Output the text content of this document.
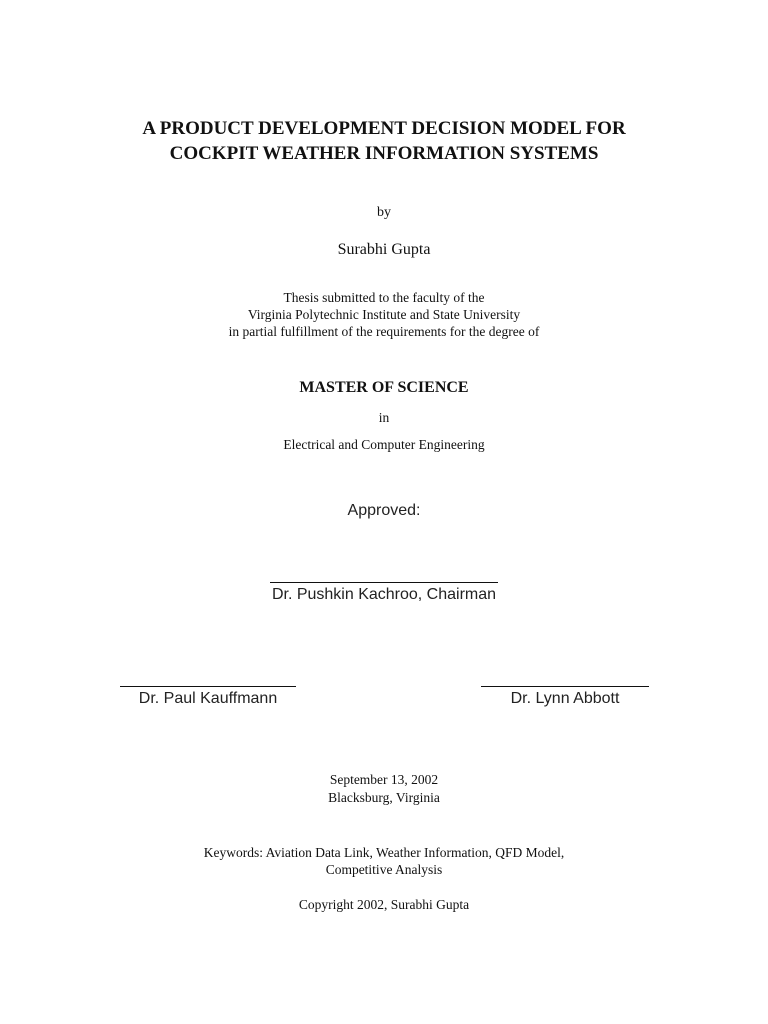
A PRODUCT DEVELOPMENT DECISION MODEL FOR
COCKPIT WEATHER INFORMATION SYSTEMS
by
Surabhi Gupta
Thesis submitted to the faculty of the
Virginia Polytechnic Institute and State University
in partial fulfillment of the requirements for the degree of
MASTER OF SCIENCE
in
Electrical and Computer Engineering
Approved:
Dr. Pushkin Kachroo, Chairman
Dr. Paul Kauffmann	Dr. Lynn Abbott
September 13, 2002
Blacksburg, Virginia
Keywords: Aviation Data Link, Weather Information, QFD Model,
Competitive Analysis
Copyright 2002, Surabhi Gupta
